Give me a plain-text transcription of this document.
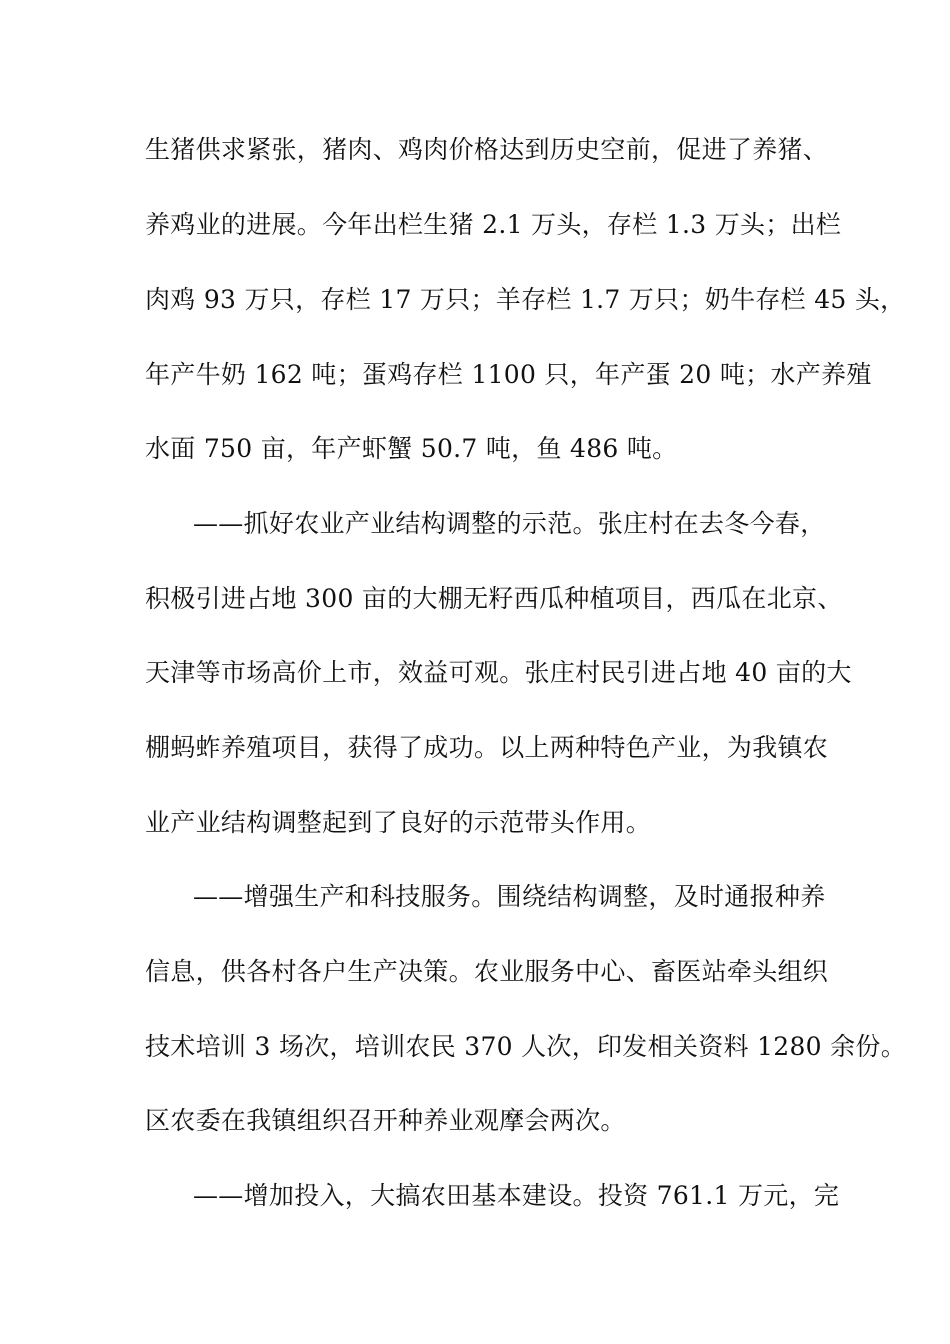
生猪供求紧张，猪肉、鸡肉价格达到历史空前，促进了养猪、
养鸡业的进展。今年出栏生猪 2.1 万头，存栏 1.3 万头；出栏
肉鸡 93 万只，存栏 17 万只；羊存栏 1.7 万只；奶牛存栏 45 头，
年产牛奶 162 吨；蛋鸡存栏 1100 只，年产蛋 20 吨；水产养殖
水面 750 亩，年产虾蟹 50.7 吨，鱼 486 吨。
——抓好农业产业结构调整的示范。张庄村在去冬今春，
积极引进占地 300 亩的大棚无籽西瓜种植项目，西瓜在北京、
天津等市场高价上市，效益可观。张庄村民引进占地 40 亩的大
棚蚂蚱养殖项目，获得了成功。以上两种特色产业，为我镇农
业产业结构调整起到了良好的示范带头作用。
——增强生产和科技服务。围绕结构调整，及时通报种养
信息，供各村各户生产决策。农业服务中心、畜医站牵头组织
技术培训 3 场次，培训农民 370 人次，印发相关资料 1280 余份。
区农委在我镇组织召开种养业观摩会两次。
——增加投入，大搞农田基本建设。投资 761.1 万元，完
